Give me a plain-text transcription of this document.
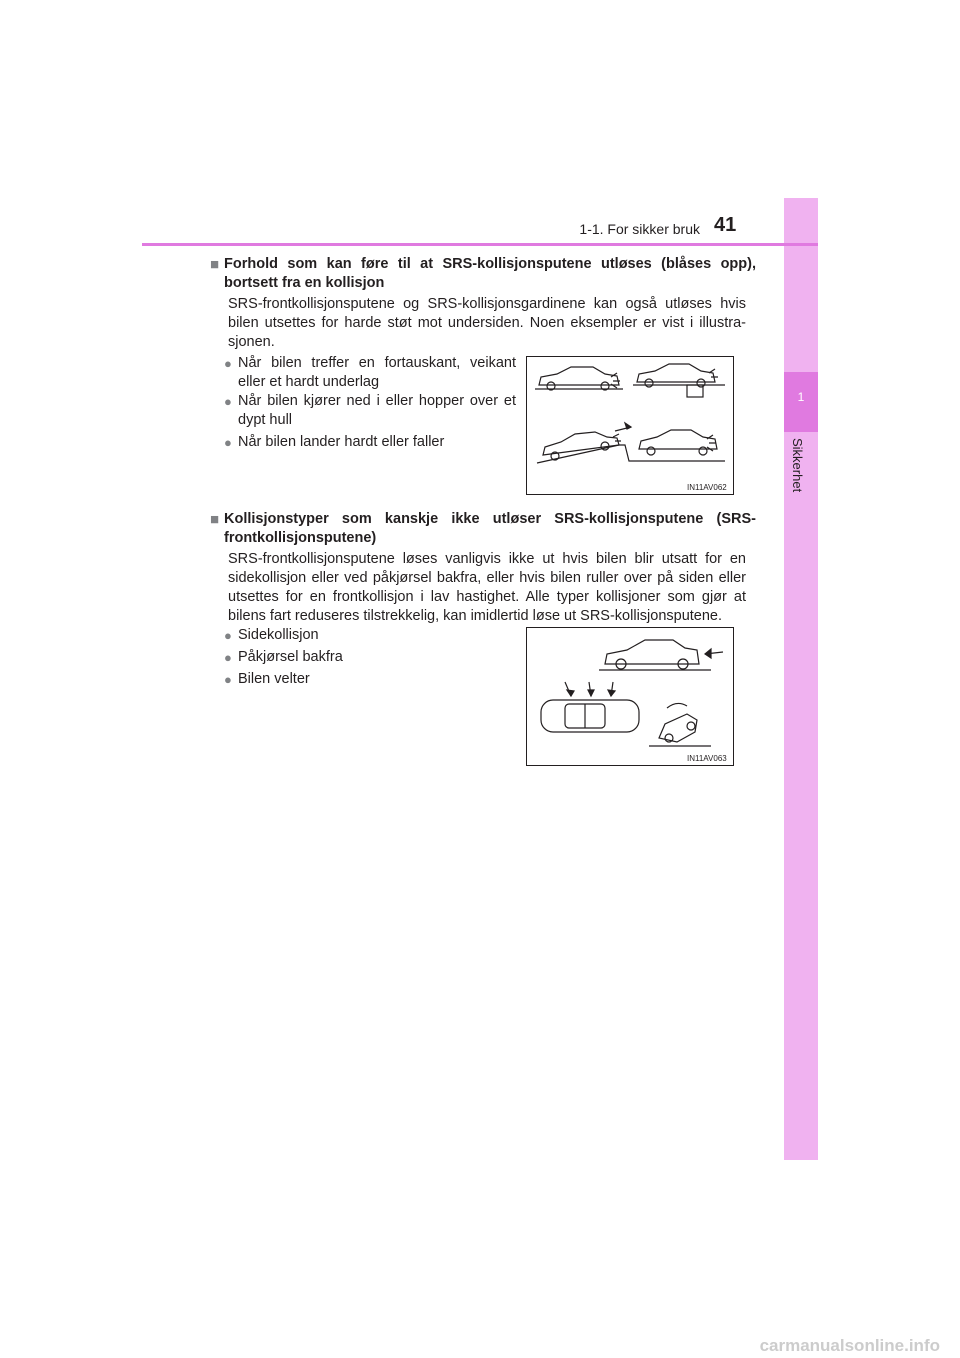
1
Sikkerhet
1-1. For sikker bruk 41
■ Forhold som kan føre til at SRS-kollisjonsputene utløses (blåses opp), bortsett fra en kollisjon
SRS-frontkollisjonsputene og SRS-kollisjonsgardinene kan også utløses hvis bilen utsettes for harde støt mot undersiden. Noen eksempler er vist i illustra-sjonen.
● Når bilen treffer en fortauskant, veikant eller et hardt underlag
● Når bilen kjører ned i eller hopper over et dypt hull
● Når bilen lander hardt eller faller
IN11AV062
■ Kollisjonstyper som kanskje ikke utløser SRS-kollisjonsputene (SRS-frontkollisjonsputene)
SRS-frontkollisjonsputene løses vanligvis ikke ut hvis bilen blir utsatt for en sidekollisjon eller ved påkjørsel bakfra, eller hvis bilen ruller over på siden eller utsettes for en frontkollisjon i lav hastighet. Alle typer kollisjoner som gjør at bilens fart reduseres tilstrekkelig, kan imidlertid løse ut SRS-kollisjonsputene.
● Sidekollisjon
● Påkjørsel bakfra
● Bilen velter
IN11AV063
carmanualsonline.info
